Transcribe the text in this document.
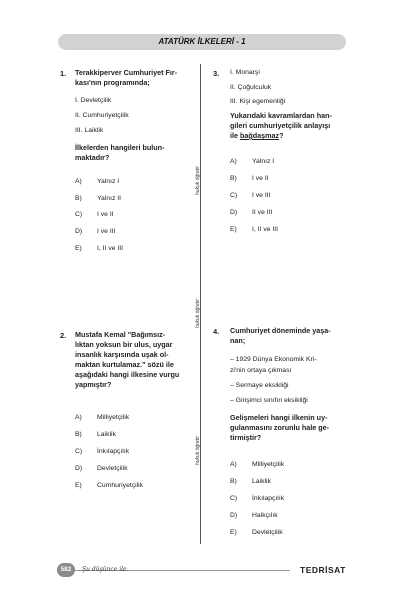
ATATÜRK İLKELERİ - 1
hukuk öğretir
hukuk öğretir
hukuk öğretir
1. Terakkiperver Cumhuriyet Fır-
kası'nın programında;
I. Devletçilik
II. Cumhuriyetçilik
III. Laiklik
İlkelerden hangileri bulun-
maktadır?
A) Yalnız I
B) Yalnız II
C) I ve II
D) I ve III
E) I, II ve III
3. I. Monarşi
II. Çoğulculuk
III. Kişi egemenliği
Yukarıdaki kavramlardan han-
gileri cumhuriyetçilik anlayışı
ile bağdaşmaz?
A) Yalnız I
B) I ve II
C) I ve III
D) II ve III
E) I, II ve III
2. Mustafa Kemal "Bağımsız-
lıktan yoksun bir ulus, uygar
insanlık karşısında uşak ol-
maktan kurtulamaz." sözü ile
aşağıdaki hangi ilkesine vurgu
yapmıştır?
A) Milliyetçilik
B) Laiklik
C) İnkılapçılık
D) Devletçilik
E) Cumhuriyetçilik
4. Cumhuriyet döneminde yaşa-
nan;
– 1929 Dünya Ekonomik Kri-
zi'nin ortaya çıkması
– Sermaye eksikliği
– Girişimci sınıfın eksikliği
Gelişmeleri hangi ilkenin uy-
gulanmasını zorunlu hale ge-
tirmiştir?
A) Milliyetçilik
B) Laiklik
C) İnkılapçılık
D) Halkçılık
E) Devletçilik
582	Şu düşünce ile.	TEDRİSAT
